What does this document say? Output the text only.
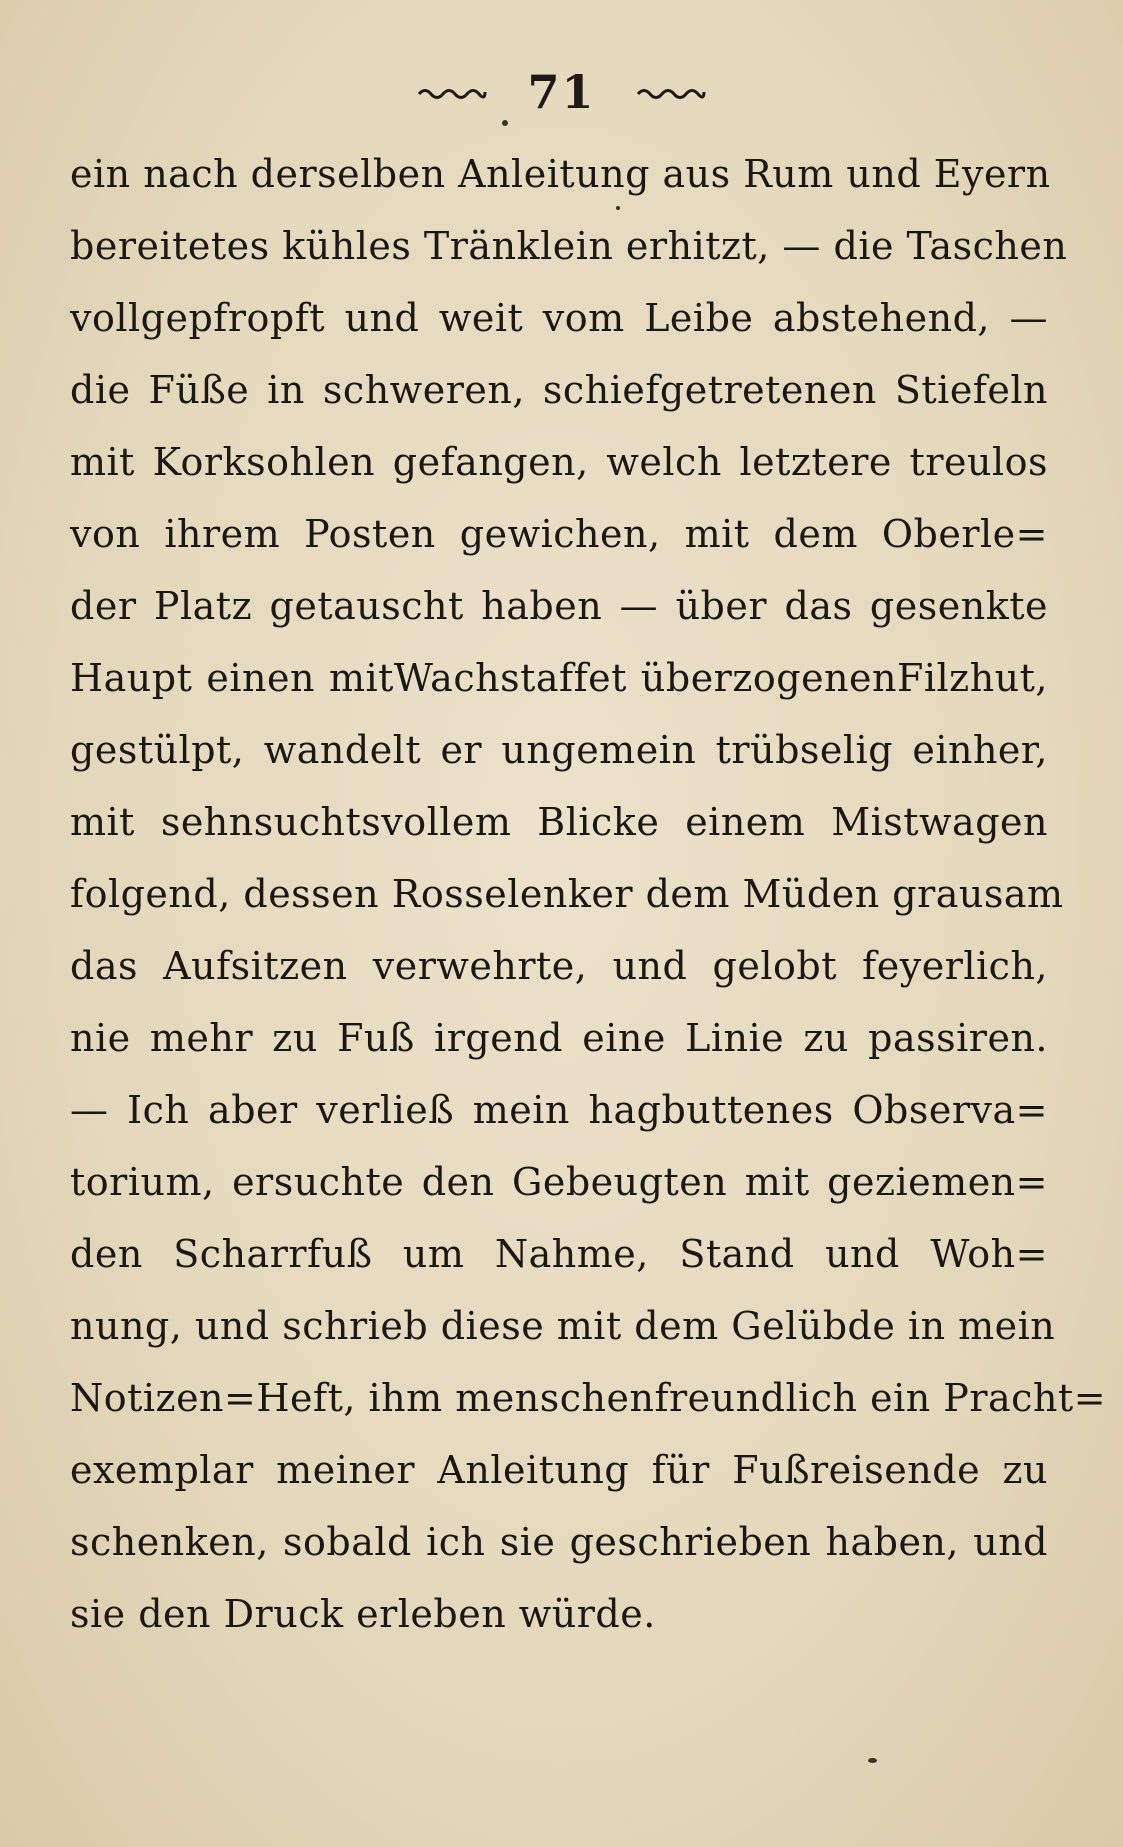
71
ein nach derselben Anleitung aus Rum und Eyern
bereitetes kühles Tränklein erhitzt, — die Taschen
vollgepfropft und weit vom Leibe abstehend, —
die Füße in schweren, schiefgetretenen Stiefeln
mit Korksohlen gefangen, welch letztere treulos
von ihrem Posten gewichen, mit dem Oberle=
der Platz getauscht haben — über das gesenkte
Haupt einen mitWachstaffet überzogenenFilzhut,
gestülpt, wandelt er ungemein trübselig einher,
mit sehnsuchtsvollem Blicke einem Mistwagen
folgend, dessen Rosselenker dem Müden grausam
das Aufsitzen verwehrte, und gelobt feyerlich,
nie mehr zu Fuß irgend eine Linie zu passiren.
— Ich aber verließ mein hagbuttenes Observa=
torium, ersuchte den Gebeugten mit geziemen=
den Scharrfuß um Nahme, Stand und Woh=
nung, und schrieb diese mit dem Gelübde in mein
Notizen=Heft, ihm menschenfreundlich ein Pracht=
exemplar meiner Anleitung für Fußreisende zu
schenken, sobald ich sie geschrieben haben, und
sie den Druck erleben würde.
